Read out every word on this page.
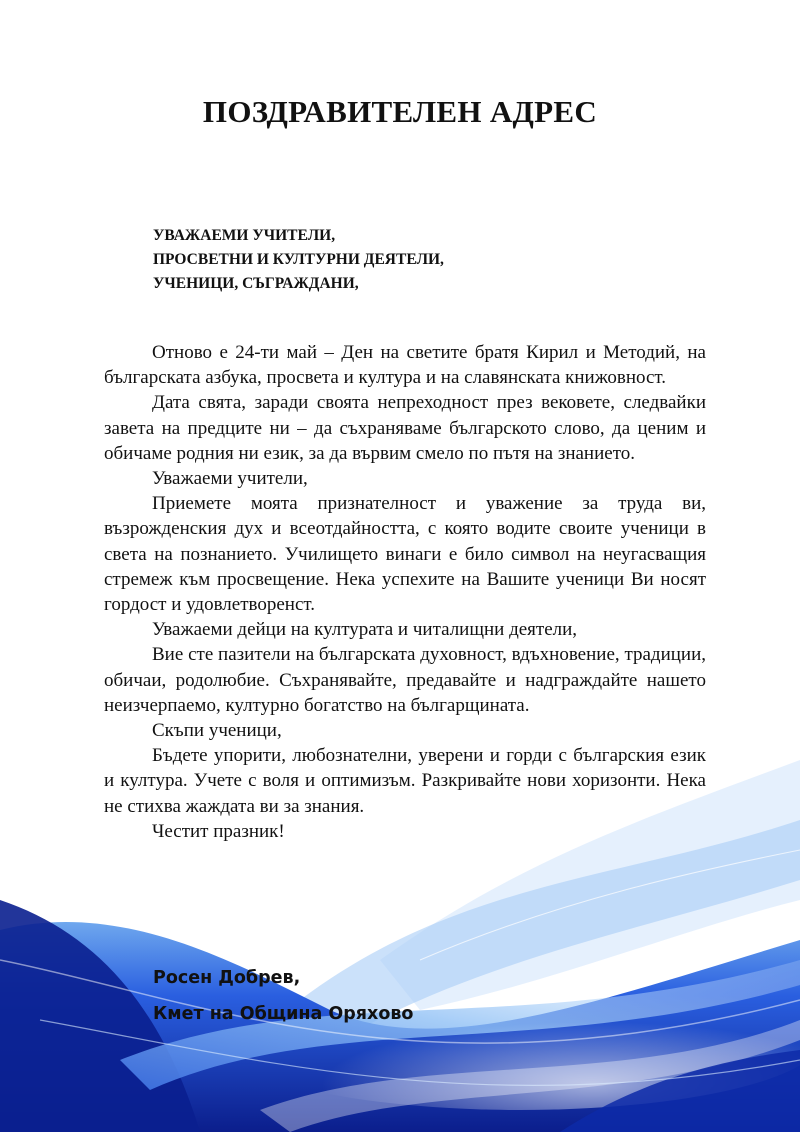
ПОЗДРАВИТЕЛЕН АДРЕС
УВАЖАЕМИ УЧИТЕЛИ,
ПРОСВЕТНИ И КУЛТУРНИ ДЕЯТЕЛИ,
УЧЕНИЦИ, СЪГРАЖДАНИ,

Отново е 24-ти май – Ден на светите братя Кирил и Методий, на българската азбука, просвета и култура и на славянската книжовност.

Дата свята, заради своята непреходност през вековете, следвайки завета на предците ни – да съхраняваме българското слово, да ценим и обичаме родния ни език, за да вървим смело по пътя на знанието.

Уважаеми учители,

Приемете моята признателност и уважение за труда ви, възрожденския дух и всеотдайността, с която водите своите ученици в света на познанието. Училището винаги е било символ на неугасващия стремеж към просвещение. Нека успехите на Вашите ученици Ви носят гордост и удовлетворенст.

Уважаеми дейци на културата и читалищни деятели,

Вие сте пазители на българската духовност, вдъхновение, традиции, обичаи, родолюбие. Съхранявайте, предавайте и надграждайте нашето неизчерпаемо, културно богатство на българщината.

Скъпи ученици,

Бъдете упорити, любознателни, уверени и горди с българския език и култура. Учете с воля и оптимизъм. Разкривайте нови хоризонти. Нека не стихва жаждата ви за знания.

Честит празник!

Росен Добрев,
Кмет на Община Оряхово
